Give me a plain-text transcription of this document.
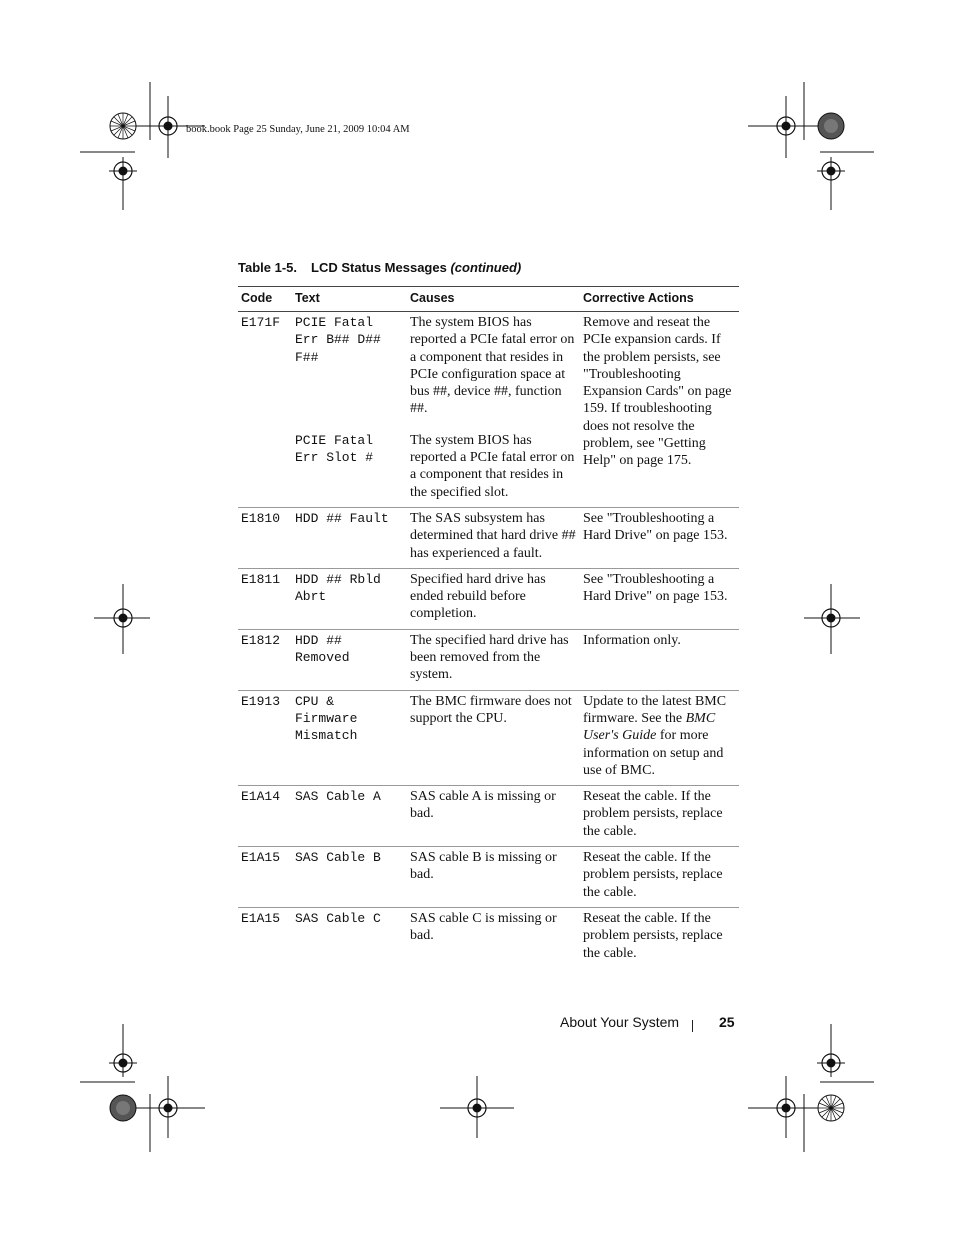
book.book Page 25 Sunday, June 21, 2009 10:04 AM
Table 1-5. LCD Status Messages (continued)
Code	Text	Causes	Corrective Actions
E171F	PCIE Fatal Err B## D## F##	The system BIOS has reported a PCIe fatal error on a component that resides in PCIe configuration space at bus ##, device ##, function ##.	Remove and reseat the PCIe expansion cards. If the problem persists, see "Troubleshooting Expansion Cards" on page 159. If troubleshooting does not resolve the problem, see "Getting Help" on page 175.
	PCIE Fatal Err Slot #	The system BIOS has reported a PCIe fatal error on a component that resides in the specified slot.	
E1810	HDD ## Fault	The SAS subsystem has determined that hard drive ## has experienced a fault.	See "Troubleshooting a Hard Drive" on page 153.
E1811	HDD ## Rbld Abrt	Specified hard drive has ended rebuild before completion.	See "Troubleshooting a Hard Drive" on page 153.
E1812	HDD ## Removed	The specified hard drive has been removed from the system.	Information only.
E1913	CPU & Firmware Mismatch	The BMC firmware does not support the CPU.	Update to the latest BMC firmware. See the BMC User's Guide for more information on setup and use of BMC.
E1A14	SAS Cable A	SAS cable A is missing or bad.	Reseat the cable. If the problem persists, replace the cable.
E1A15	SAS Cable B	SAS cable B is missing or bad.	Reseat the cable. If the problem persists, replace the cable.
E1A15	SAS Cable C	SAS cable C is missing or bad.	Reseat the cable. If the problem persists, replace the cable.
About Your System	25
